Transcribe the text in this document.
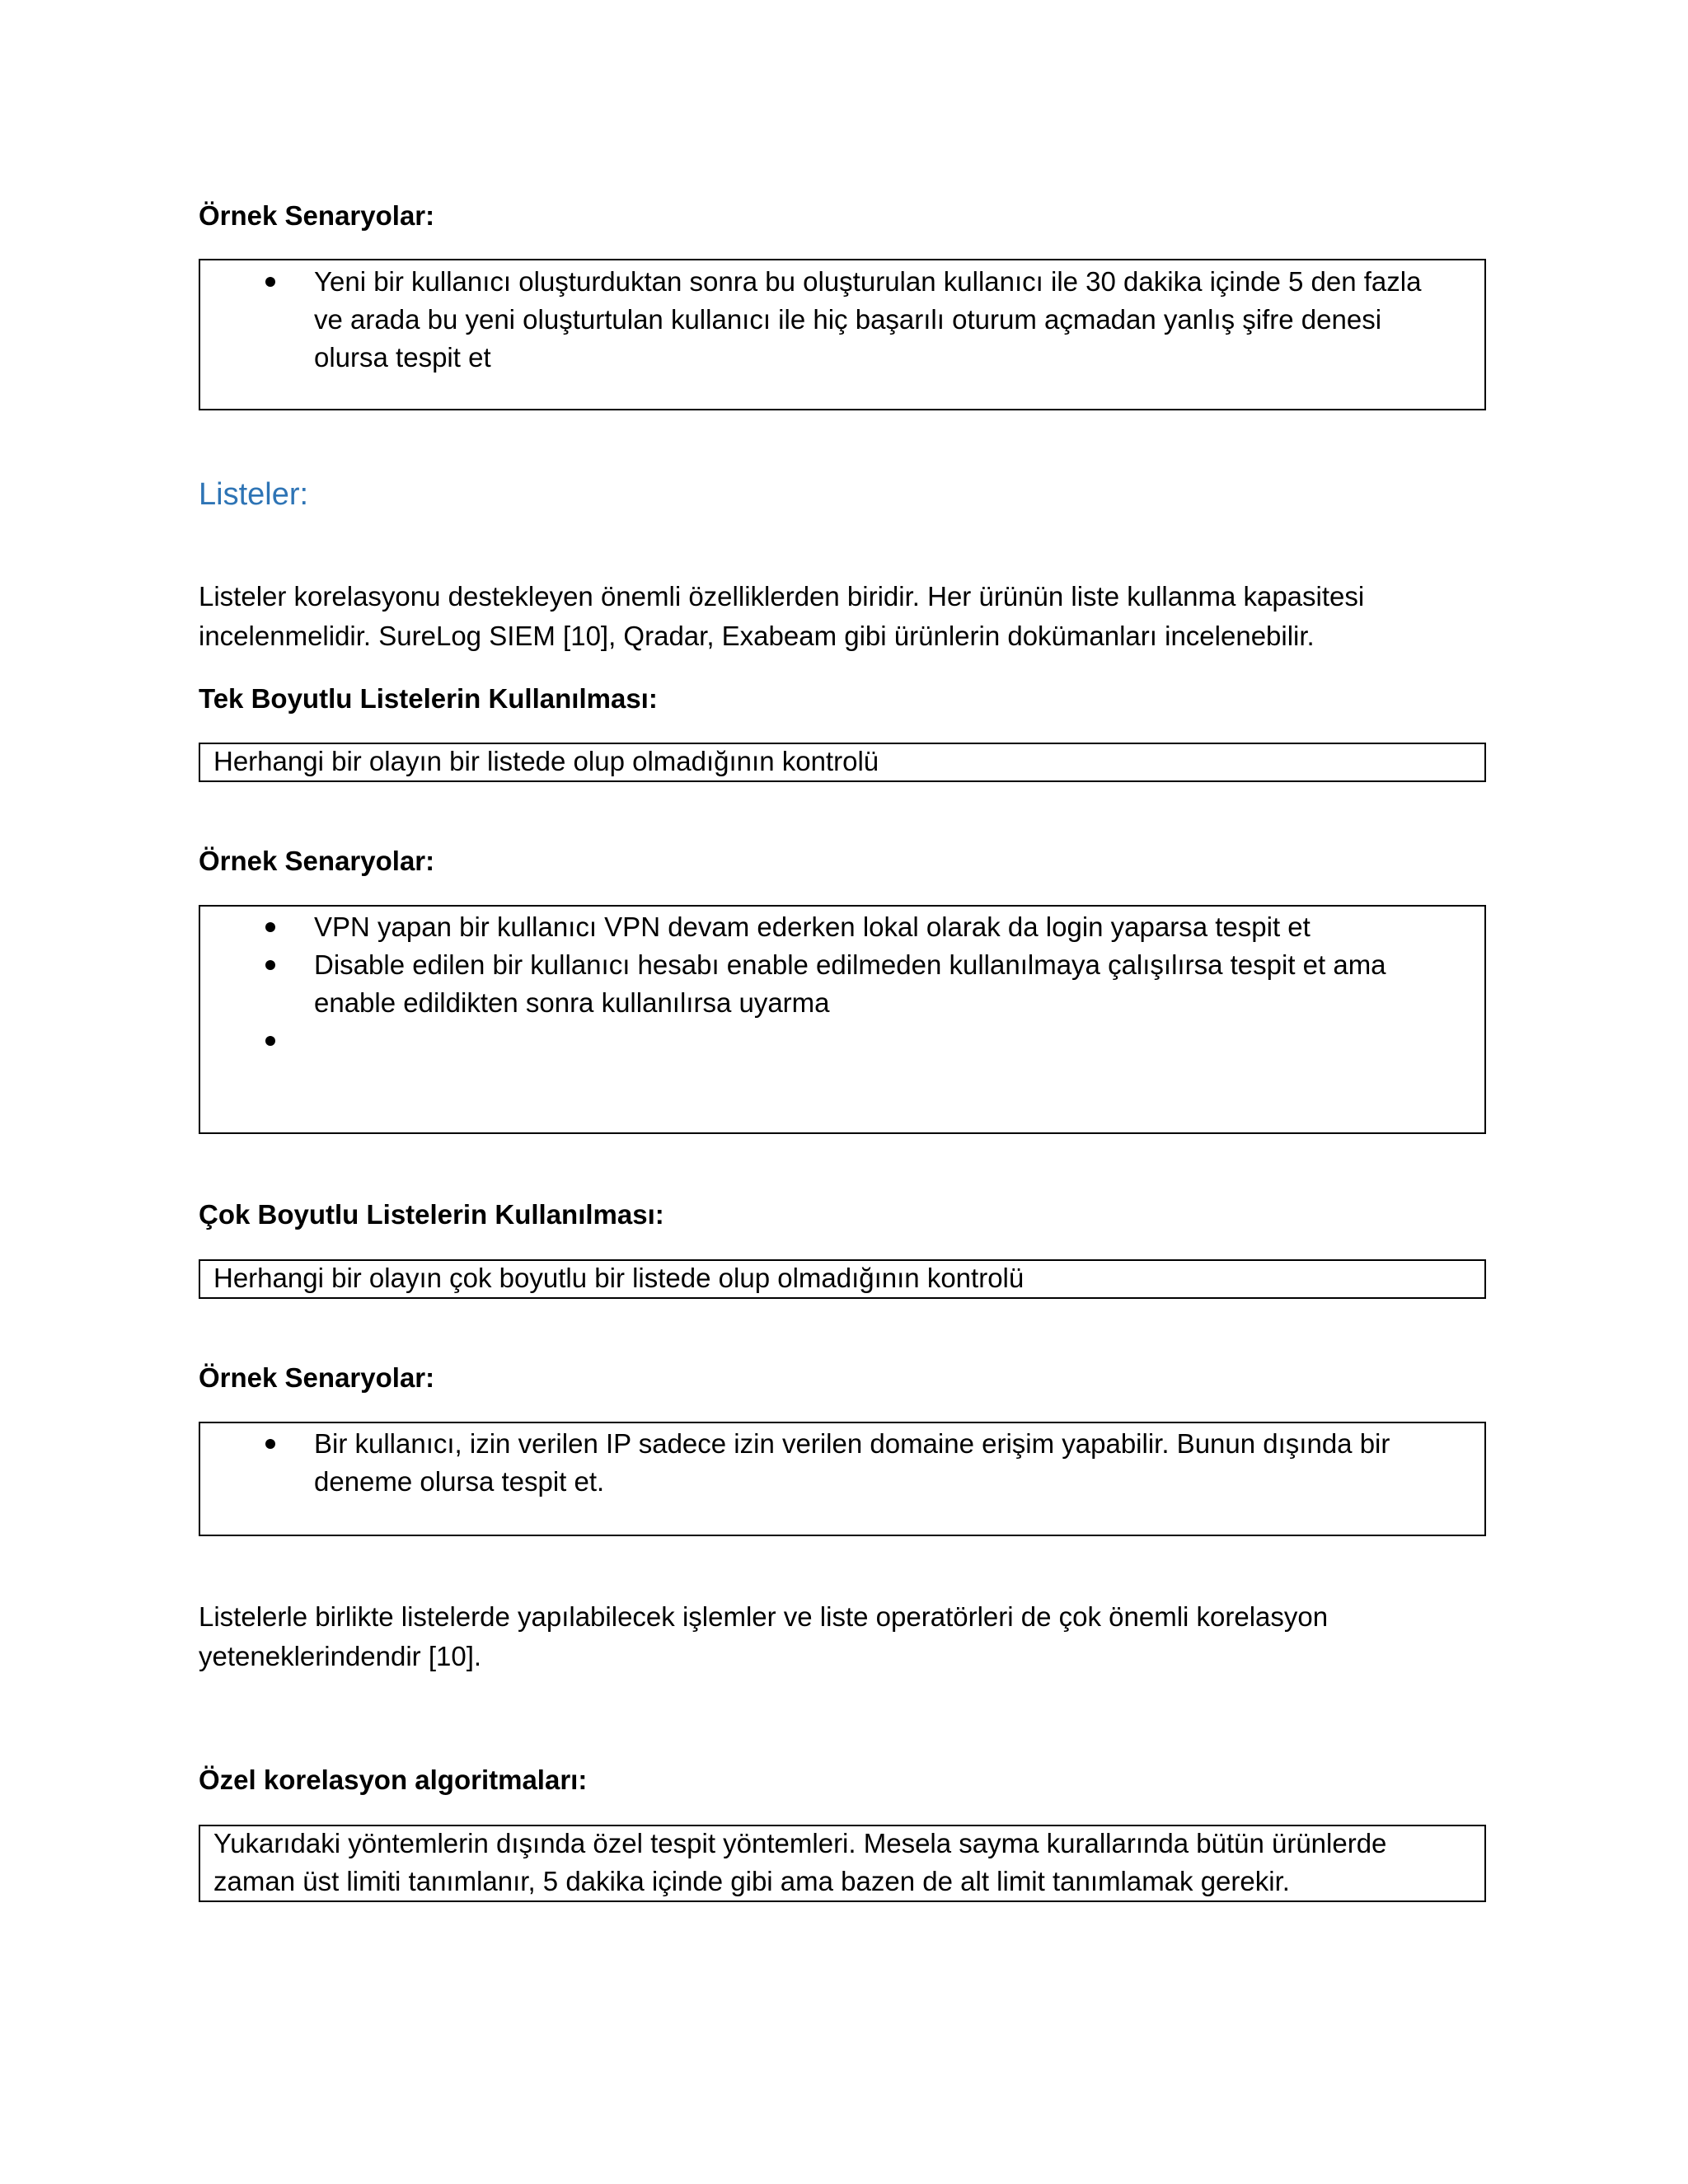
Örnek Senaryolar:

Yeni bir kullanıcı oluşturduktan sonra bu oluşturulan kullanıcı ile 30 dakika içinde 5 den fazla
ve arada bu yeni oluşturtulan kullanıcı ile hiç başarılı oturum açmadan yanlış şifre denesi
olursa tespit et

Listeler:

Listeler korelasyonu destekleyen önemli özelliklerden biridir. Her ürünün liste kullanma kapasitesi
incelenmelidir. SureLog SIEM [10], Qradar, Exabeam gibi ürünlerin dokümanları incelenebilir.

Tek Boyutlu Listelerin Kullanılması:

Herhangi bir olayın bir listede olup olmadığının kontrolü

Örnek Senaryolar:

VPN yapan bir kullanıcı VPN devam ederken lokal olarak da login yaparsa tespit et
Disable edilen bir kullanıcı hesabı enable edilmeden kullanılmaya çalışılırsa tespit et ama
enable edildikten sonra kullanılırsa uyarma

Çok Boyutlu Listelerin Kullanılması:

Herhangi bir olayın çok boyutlu bir listede olup olmadığının kontrolü

Örnek Senaryolar:

Bir kullanıcı, izin verilen IP sadece izin verilen domaine erişim yapabilir. Bunun dışında bir
deneme olursa tespit et.

Listelerle birlikte listelerde yapılabilecek işlemler ve liste operatörleri de çok önemli korelasyon
yeteneklerindendir [10].

Özel korelasyon algoritmaları:

Yukarıdaki yöntemlerin dışında özel tespit yöntemleri. Mesela sayma kurallarında bütün ürünlerde
zaman üst limiti tanımlanır, 5 dakika içinde gibi ama bazen de alt limit tanımlamak gerekir.
